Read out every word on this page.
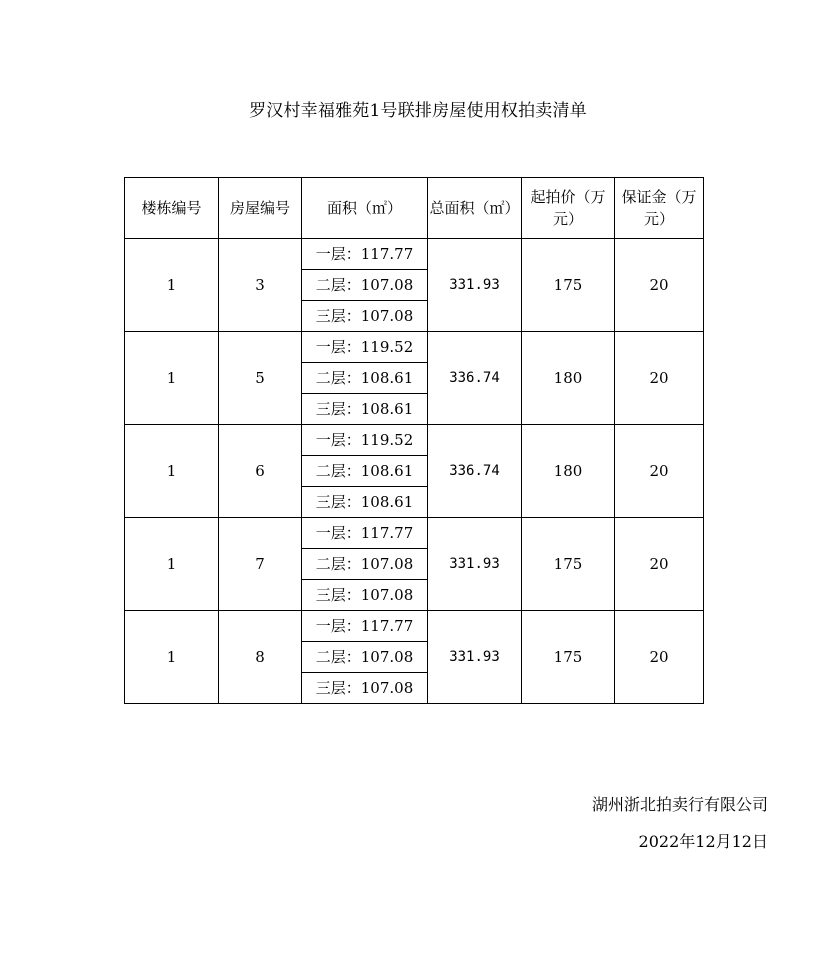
罗汉村幸福雅苑1号联排房屋使用权拍卖清单
楼栋编号	房屋编号	面积（㎡）	总面积（㎡）	起拍价（万元）	保证金（万元）
1	3	一层：117.77	331.93	175	20
		二层：107.08			
		三层：107.08			
1	5	一层：119.52	336.74	180	20
		二层：108.61			
		三层：108.61			
1	6	一层：119.52	336.74	180	20
		二层：108.61			
		三层：108.61			
1	7	一层：117.77	331.93	175	20
		二层：107.08			
		三层：107.08			
1	8	一层：117.77	331.93	175	20
		二层：107.08			
		三层：107.08			
湖州浙北拍卖行有限公司
2022年12月12日
